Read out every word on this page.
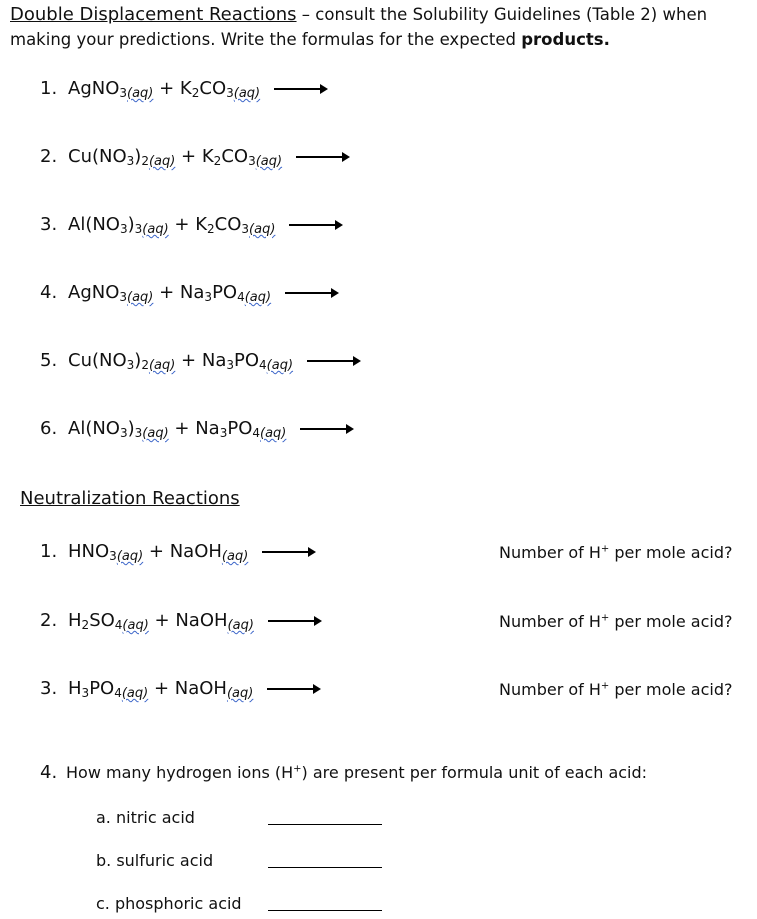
Double Displacement Reactions – consult the Solubility Guidelines (Table 2) when making your predictions. Write the formulas for the expected products.
1. AgNO$_3$(aq) + $K_2CO_3(aq)$ →
2. $Cu(NO_3)_2(aq) + K_2CO_3(aq)$ →
3. $Al(NO_3)_3(aq) + K_2CO_3(aq)$ →
4. AgNO$_3$(aq) + $Na_3PO_4(aq)$ →
5. $Cu(NO_3)_2(aq) + Na_3PO_4(aq)$ →
6. $Al(NO_3)_3(aq) + Na_3PO_4(aq)$ →
Neutralization Reactions
1. $HNO_3(aq)$ + NaOH(aq) →	Number of H+ per mole acid?
2. $H_2SO_4(aq)$ + NaOH(aq) →	Number of H+ per mole acid?
3. $H_3PO_4(aq)$ + NaOH(aq) →	Number of H+ per mole acid?
4. How many hydrogen ions (H+) are present per formula unit of each acid:
a. nitric acid
b. sulfuric acid
c. phosphoric acid
